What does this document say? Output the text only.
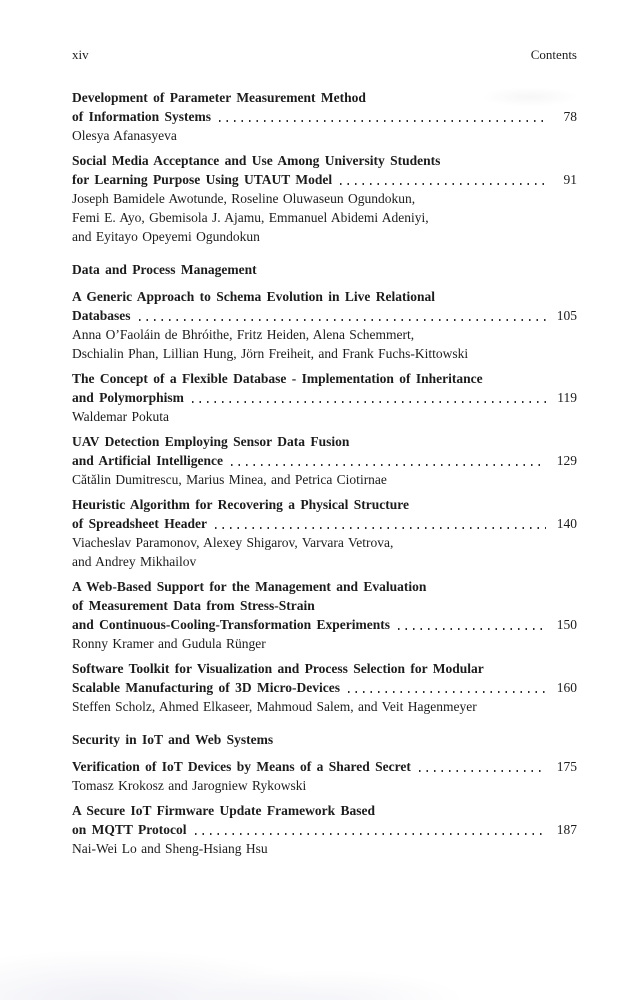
xiv	Contents
Development of Parameter Measurement Method
of Information Systems	78
Olesya Afanasyeva
Social Media Acceptance and Use Among University Students
for Learning Purpose Using UTAUT Model	91
Joseph Bamidele Awotunde, Roseline Oluwaseun Ogundokun,
Femi E. Ayo, Gbemisola J. Ajamu, Emmanuel Abidemi Adeniyi,
and Eyitayo Opeyemi Ogundokun
Data and Process Management
A Generic Approach to Schema Evolution in Live Relational
Databases	105
Anna O’Faoláin de Bhróithe, Fritz Heiden, Alena Schemmert,
Dschialin Phan, Lillian Hung, Jörn Freiheit, and Frank Fuchs-Kittowski
The Concept of a Flexible Database - Implementation of Inheritance
and Polymorphism	119
Waldemar Pokuta
UAV Detection Employing Sensor Data Fusion
and Artificial Intelligence	129
Cătălin Dumitrescu, Marius Minea, and Petrica Ciotirnae
Heuristic Algorithm for Recovering a Physical Structure
of Spreadsheet Header	140
Viacheslav Paramonov, Alexey Shigarov, Varvara Vetrova,
and Andrey Mikhailov
A Web-Based Support for the Management and Evaluation
of Measurement Data from Stress-Strain
and Continuous-Cooling-Transformation Experiments	150
Ronny Kramer and Gudula Rünger
Software Toolkit for Visualization and Process Selection for Modular
Scalable Manufacturing of 3D Micro-Devices	160
Steffen Scholz, Ahmed Elkaseer, Mahmoud Salem, and Veit Hagenmeyer
Security in IoT and Web Systems
Verification of IoT Devices by Means of a Shared Secret	175
Tomasz Krokosz and Jarogniew Rykowski
A Secure IoT Firmware Update Framework Based
on MQTT Protocol	187
Nai-Wei Lo and Sheng-Hsiang Hsu
